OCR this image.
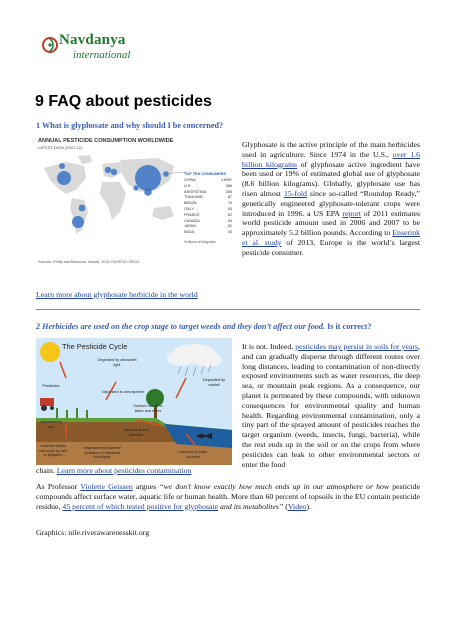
Navdanya
international
9 FAQ about pesticides
1 What is glyphosate and why should I be concerned?
ANNUAL PESTICIDE CONSUMPTION WORLDWIDE
LATEST DATA (2007-12)
TOP TEN CONSUMERS
CHINA	1,806*
U.S.	386
ARGENTINA	265
THAILAND	87
BRAZIL	76
ITALY	63
FRANCE	62
CANADA	54
JAPAN	52
INDIA	40
*millions of kilograms
Sources: Pretty and Bharucha, Insects, 2015; FAOSTAT; OECD.

Glyphosate is the active principle of the main herbicides used in agriculture. Since 1974 in the U.S., over 1.6 billion kilograms of glyphosate active ingredient have been used or 19% of estimated global use of glyphosate (8.6 billion kilograms). Globally, glyphosate use has risen almost 15-fold since so-called “Roundup Ready,” genetically engineered glyphosate-tolerant crops were introduced in 1996. a US EPA report of 2011 estimates world pesticide amount used in 2006 and 2007 to be approximately 5.2 billion pounds. According to Enserink et al. study of 2013, Europe is the world’s largest pesticide consumer.

Learn more about glyphosate herbicide in the world
2 Herbicides are used on the crop stage to target weeds and they don’t affect our food. Is it correct?
The Pesticide Cycle
Degraded by ultraviolet light
Pesticides
Deposited by rainfall
Vaporized to atmosphere
Absorbed by soil
Surface run-off to lakes and rivers
Adheres to soil particles
Leached below root zone by rain or irrigation
Degraded by bacterial oxidation or chemical hydrolysis
Leached to water courses

It is not. Indeed, pesticides may persist in soils for years, and can gradually disperse through different routes over long distances, leading to contamination of non-directly exposed environments such as water resources, the deep sea, or mountain peak regions. As a consequence, our planet is permeated by these compounds, with unknown consequences for environmental quality and human health. Regarding environmental contamination, only a tiny part of the sprayed amount of pesticides reaches the target organism (weeds, insects, fungi, bacteria), while the rest ends up in the soil or on the crops from where pesticides can leak to other environmental sectors or enter the food

chain. Learn more about pesticides contamination

As Professor Violette Geissen argues “we don’t know exactly how much ends up in our atmosphere or how pesticide compounds affect surface water, aquatic life or human health. More than 60 percent of topsoils in the EU contain pesticide residue, 45 percent of which tested positive for glyphosate and its metabolites” (Video).

Graphics: nile.riverawarenesskit.org
